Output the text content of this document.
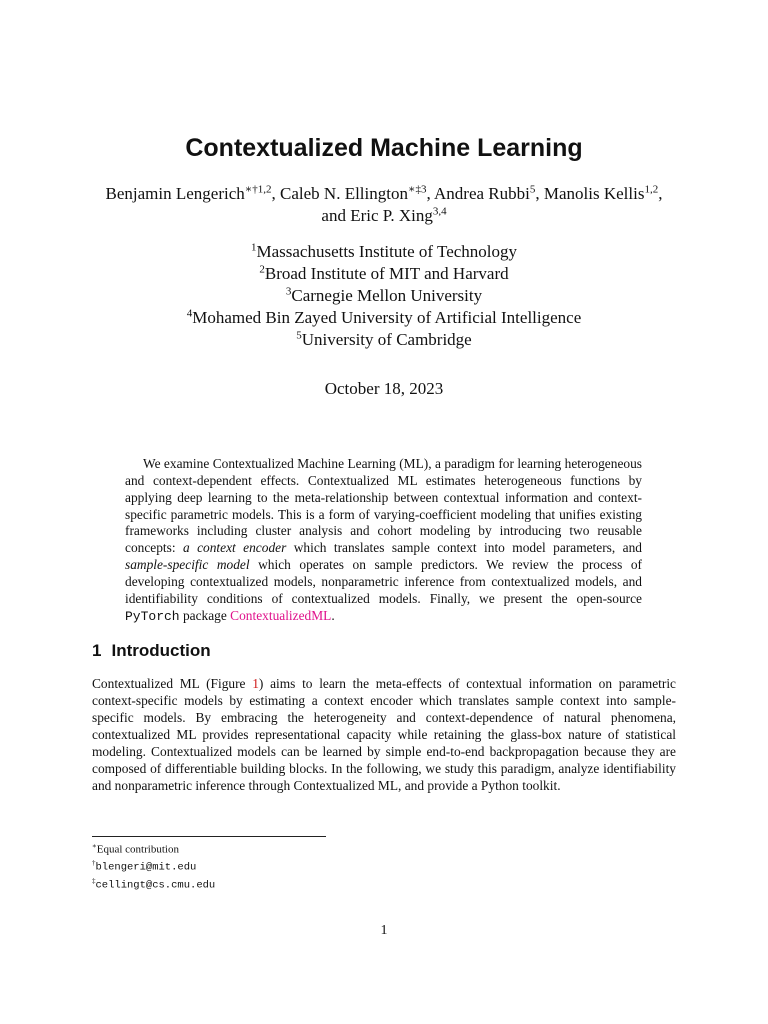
Contextualized Machine Learning
Benjamin Lengerich$^{∗\dagger 1,2}$, Caleb N. Ellington$^{∗\ddagger 3}$, Andrea Rubbi$^5$, Manolis Kellis$^{1,2}$, and Eric P. Xing$^{3,4}$
$^1$Massachusetts Institute of Technology
$^2$Broad Institute of MIT and Harvard
$^3$Carnegie Mellon University
$^4$Mohamed Bin Zayed University of Artificial Intelligence
$^5$University of Cambridge
October 18, 2023
We examine Contextualized Machine Learning (ML), a paradigm for learning heterogeneous and context-dependent effects. Contextualized ML estimates heterogeneous functions by applying deep learning to the meta-relationship between contextual information and context-specific parametric models. This is a form of varying-coefficient modeling that unifies existing frameworks including cluster analysis and cohort modeling by introducing two reusable concepts: a context encoder which translates sample context into model parameters, and sample-specific model which operates on sample predictors. We review the process of developing contextualized models, nonparametric inference from contextualized models, and identifiability conditions of contextualized models. Finally, we present the open-source PyTorch package ContextualizedML.
1 Introduction
Contextualized ML (Figure 1) aims to learn the meta-effects of contextual information on parametric context-specific models by estimating a context encoder which translates sample context into sample-specific models. By embracing the heterogeneity and context-dependence of natural phenomena, contextualized ML provides representational capacity while retaining the glass-box nature of statistical modeling. Contextualized models can be learned by simple end-to-end backpropagation because they are composed of differentiable building blocks. In the following, we study this paradigm, analyze identifiability and nonparametric inference through Contextualized ML, and provide a Python toolkit.
∗Equal contribution
†blengeri@mit.edu
‡cellingt@cs.cmu.edu
1
